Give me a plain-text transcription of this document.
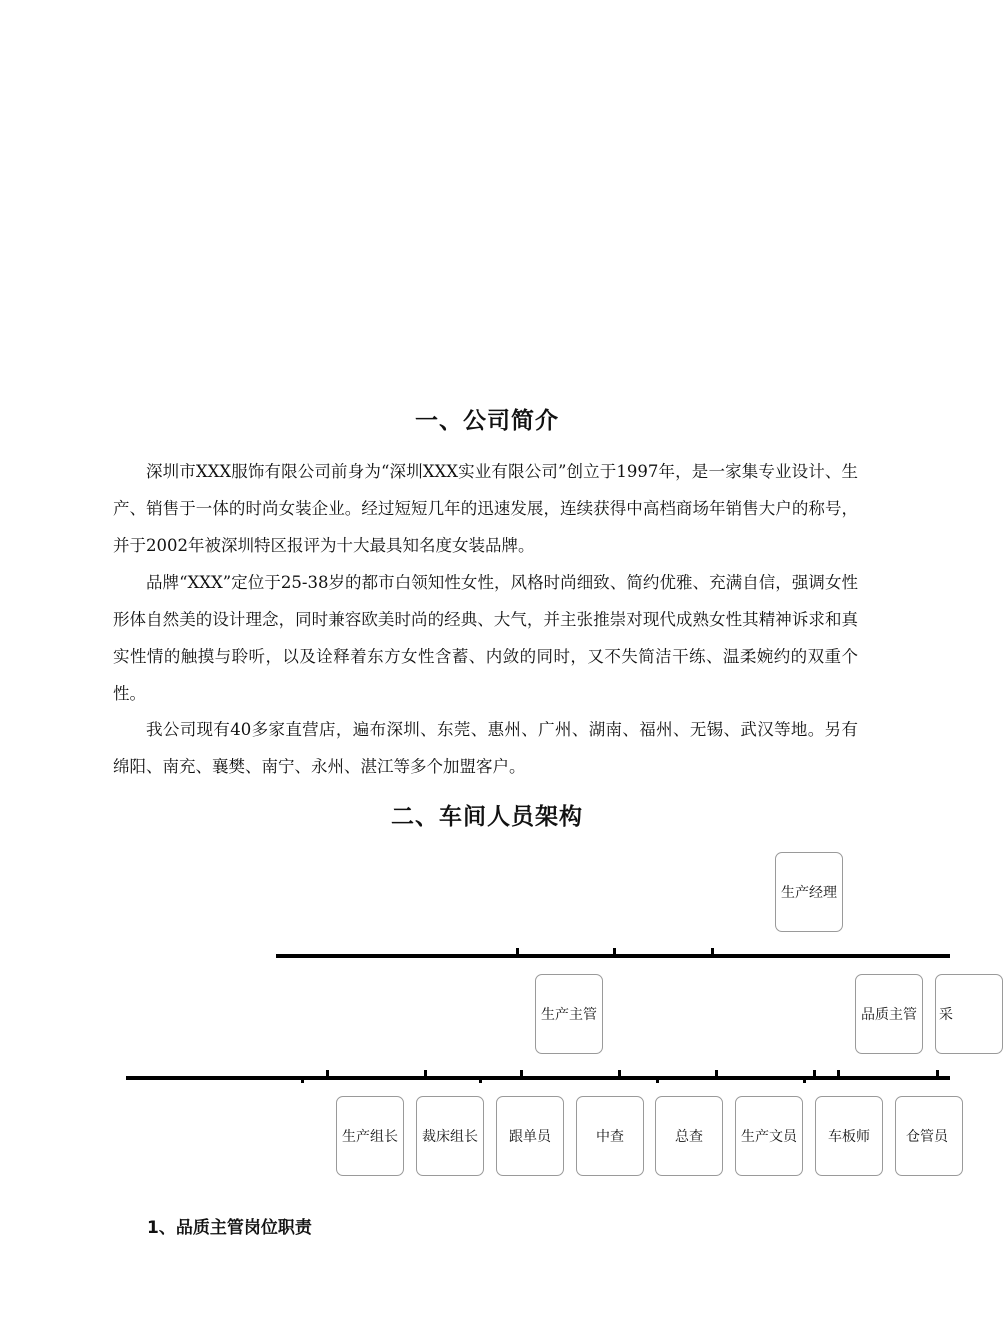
一、公司简介

深圳市XXX服饰有限公司前身为“深圳XXX实业有限公司”创立于1997年，是一家集专业设计、生产、销售于一体的时尚女装企业。经过短短几年的迅速发展，连续获得中高档商场年销售大户的称号，并于2002年被深圳特区报评为十大最具知名度女装品牌。

品牌“XXX”定位于25-38岁的都市白领知性女性，风格时尚细致、简约优雅、充满自信，强调女性形体自然美的设计理念，同时兼容欧美时尚的经典、大气，并主张推崇对现代成熟女性其精神诉求和真实性情的触摸与聆听，以及诠释着东方女性含蓄、内敛的同时，又不失简洁干练、温柔婉约的双重个性。

我公司现有40多家直营店，遍布深圳、东莞、惠州、广州、湖南、福州、无锡、武汉等地。另有绵阳、南充、襄樊、南宁、永州、湛江等多个加盟客户。

二、车间人员架构
生产经理
生产主管	品质主管	采
生产组长	裁床组长	跟单员	中查	总查	生产文员	车板师	仓管员
1、品质主管岗位职责
